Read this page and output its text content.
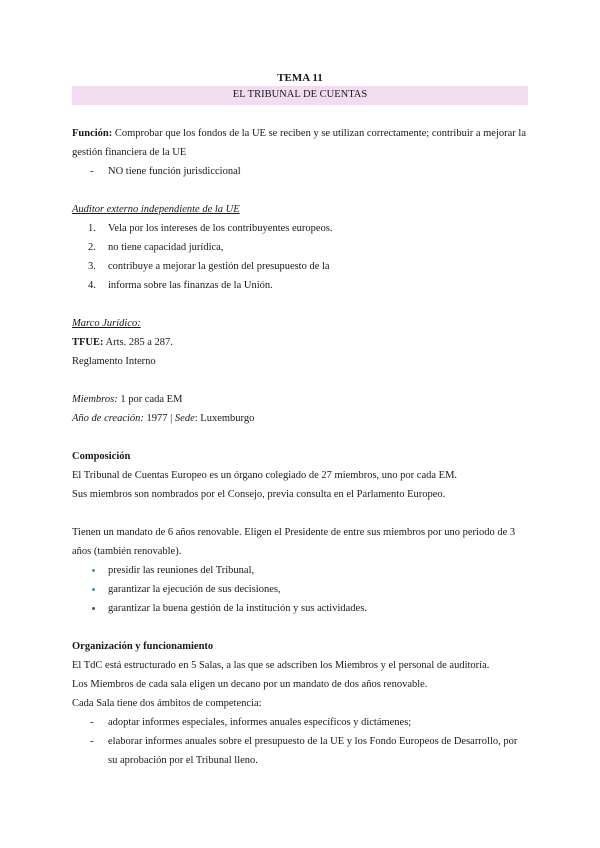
TEMA 11
EL TRIBUNAL DE CUENTAS

Función: Comprobar que los fondos de la UE se reciben y se utilizan correctamente; contribuir a mejorar la gestión financiera de la UE

- NO tiene función jurisdiccional

Auditor externo independiente de la UE

1. Vela por los intereses de los contribuyentes europeos.
2. no tiene capacidad jurídica,
3. contribuye a mejorar la gestión del presupuesto de la
4. informa sobre las finanzas de la Unión.

Marco Jurídico:

TFUE: Arts. 285 a 287.

Reglamento Interno

Miembros: 1 por cada EM

Año de creación: 1977 | Sede: Luxemburgo

Composición

El Tribunal de Cuentas Europeo es un órgano colegiado de 27 miembros, uno por cada EM.

Sus miembros son nombrados por el Consejo, previa consulta en el Parlamento Europeo.

Tienen un mandato de 6 años renovable. Eligen el Presidente de entre sus miembros por uno periodo de 3 años (también renovable).

presidir las reuniones del Tribunal,
garantizar la ejecución de sus decisiones,
garantizar la buena gestión de la institución y sus actividades.

Organización y funcionamiento

El TdC está estructurado en 5 Salas, a las que se adscriben los Miembros y el personal de auditoría.

Los Miembros de cada sala eligen un decano por un mandato de dos años renovable.

Cada Sala tiene dos ámbitos de competencia:

- adoptar informes especiales, informes anuales específicos y dictámenes;
- elaborar informes anuales sobre el presupuesto de la UE y los Fondo Europeos de Desarrollo, por su aprobación por el Tribunal lleno.
